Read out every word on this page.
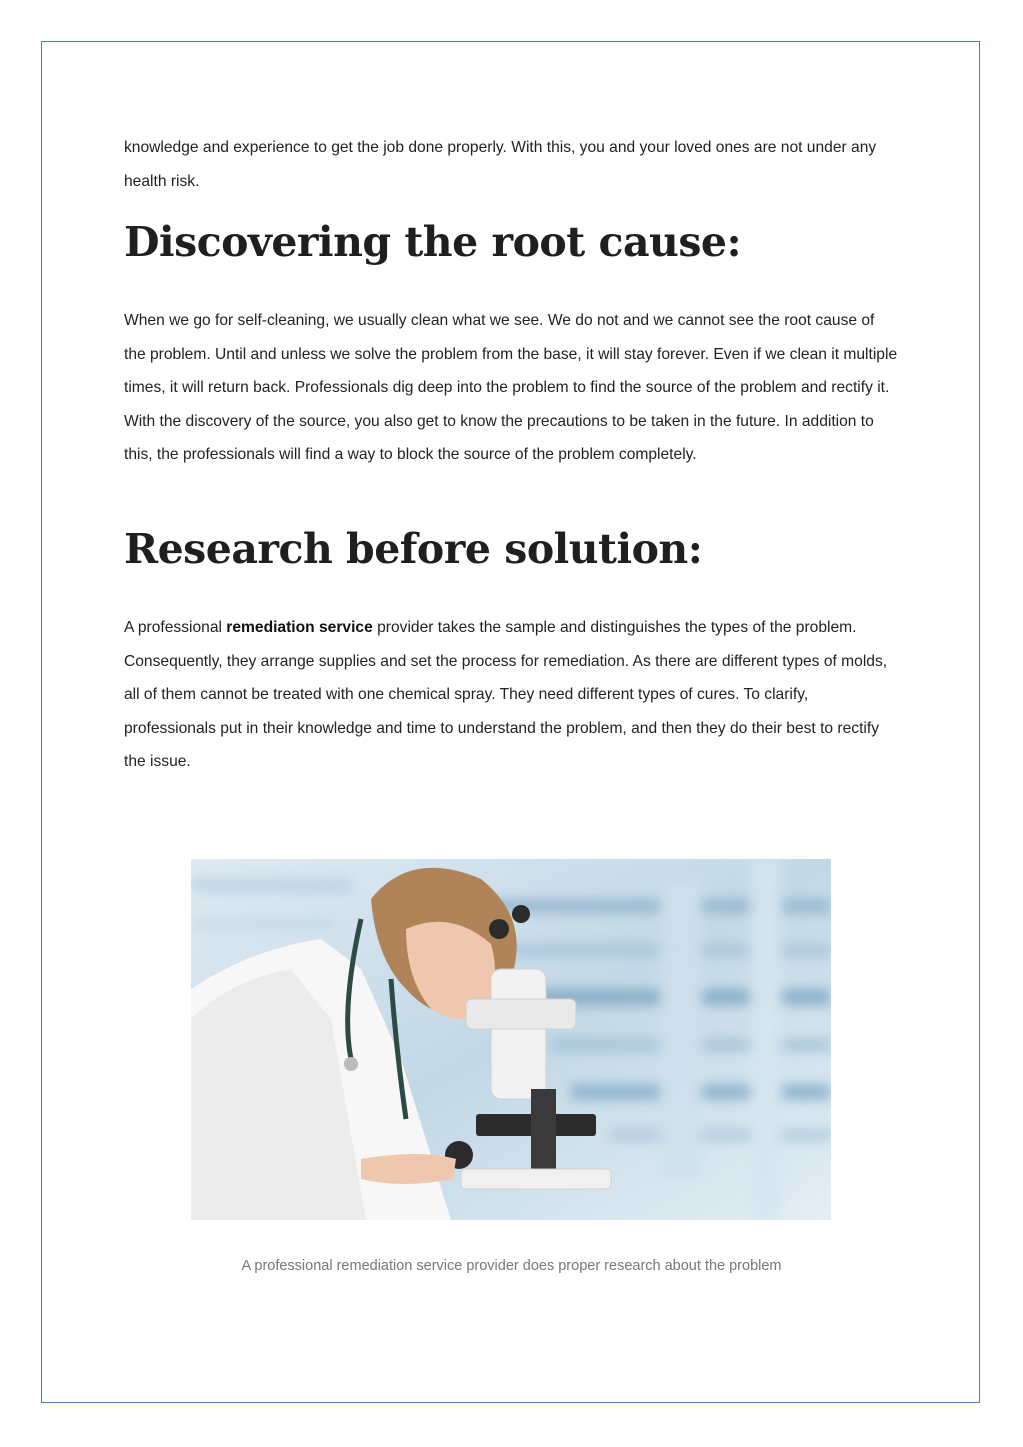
knowledge and experience to get the job done properly. With this, you and your loved ones are not under any health risk.

Discovering the root cause:

When we go for self-cleaning, we usually clean what we see. We do not and we cannot see the root cause of the problem. Until and unless we solve the problem from the base, it will stay forever. Even if we clean it multiple times, it will return back. Professionals dig deep into the problem to find the source of the problem and rectify it. With the discovery of the source, you also get to know the precautions to be taken in the future. In addition to this, the professionals will find a way to block the source of the problem completely.

Research before solution:

A professional remediation service provider takes the sample and distinguishes the types of the problem. Consequently, they arrange supplies and set the process for remediation. As there are different types of molds, all of them cannot be treated with one chemical spray. They need different types of cures. To clarify, professionals put in their knowledge and time to understand the problem, and then they do their best to rectify the issue.

A professional remediation service provider does proper research about the problem
